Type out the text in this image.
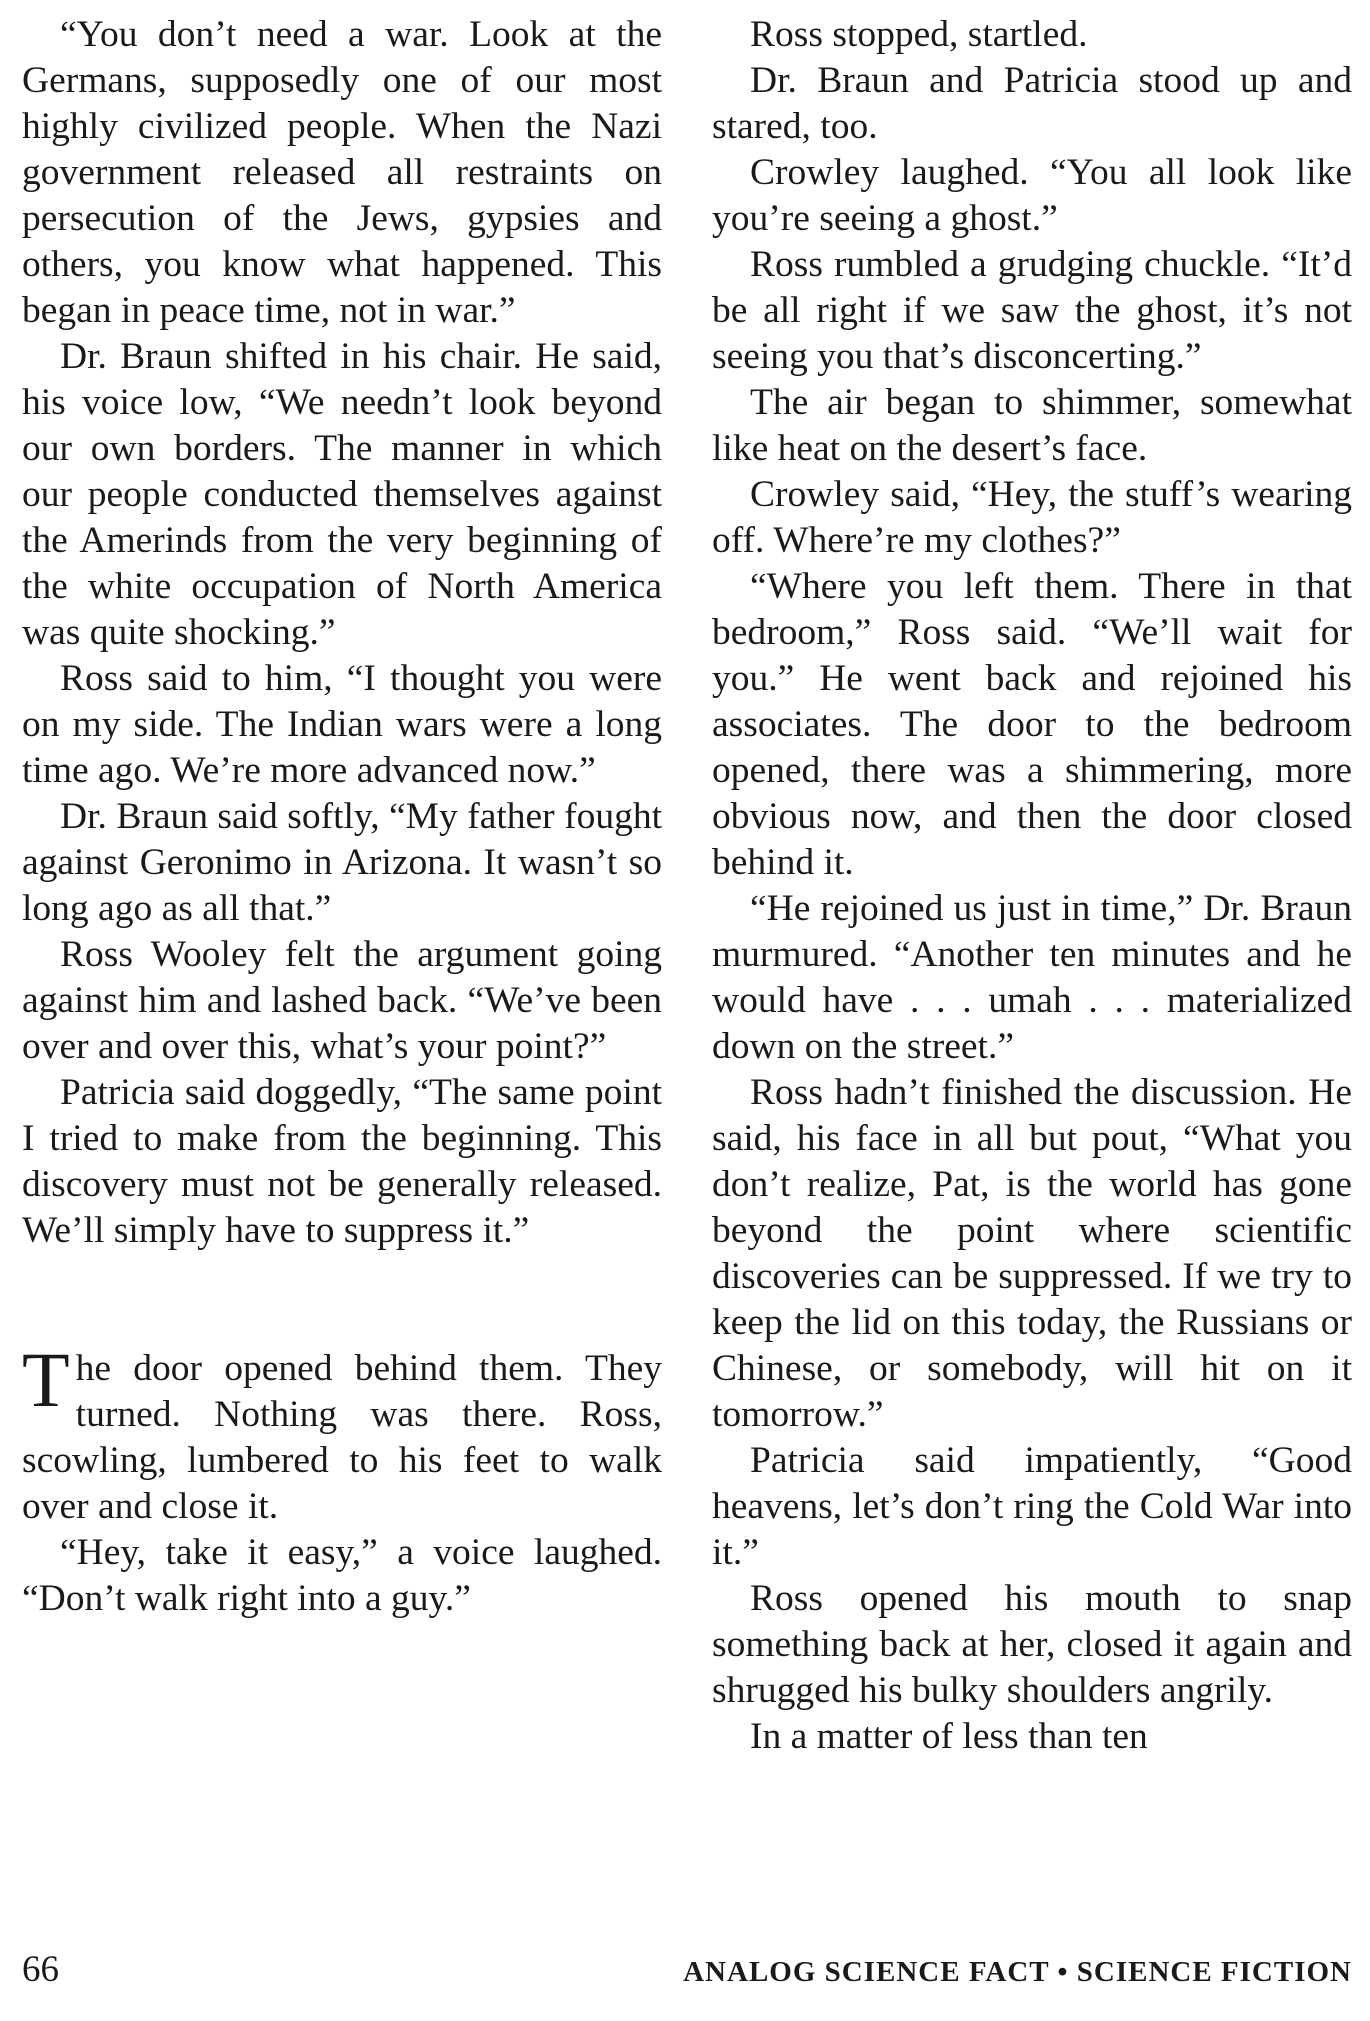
“You don’t need a war. Look at the Germans, supposedly one of our most highly civilized people. When the Nazi government released all restraints on persecution of the Jews, gypsies and others, you know what happened. This began in peace time, not in war.”

Dr. Braun shifted in his chair. He said, his voice low, “We needn’t look beyond our own borders. The manner in which our people conducted themselves against the Amerinds from the very beginning of the white occupation of North America was quite shocking.”

Ross said to him, “I thought you were on my side. The Indian wars were a long time ago. We’re more advanced now.”

Dr. Braun said softly, “My father fought against Geronimo in Arizona. It wasn’t so long ago as all that.”

Ross Wooley felt the argument going against him and lashed back. “We’ve been over and over this, what’s your point?”

Patricia said doggedly, “The same point I tried to make from the beginning. This discovery must not be generally released. We’ll simply have to suppress it.”

The door opened behind them. They turned. Nothing was there. Ross, scowling, lumbered to his feet to walk over and close it.

“Hey, take it easy,” a voice laughed. “Don’t walk right into a guy.”

Ross stopped, startled.

Dr. Braun and Patricia stood up and stared, too.

Crowley laughed. “You all look like you’re seeing a ghost.”

Ross rumbled a grudging chuckle. “It’d be all right if we saw the ghost, it’s not seeing you that’s disconcerting.”

The air began to shimmer, somewhat like heat on the desert’s face.

Crowley said, “Hey, the stuff’s wearing off. Where’re my clothes?”

“Where you left them. There in that bedroom,” Ross said. “We’ll wait for you.” He went back and rejoined his associates. The door to the bedroom opened, there was a shimmering, more obvious now, and then the door closed behind it.

“He rejoined us just in time,” Dr. Braun murmured. “Another ten minutes and he would have . . . umah . . . materialized down on the street.”

Ross hadn’t finished the discussion. He said, his face in all but pout, “What you don’t realize, Pat, is the world has gone beyond the point where scientific discoveries can be suppressed. If we try to keep the lid on this today, the Russians or Chinese, or somebody, will hit on it tomorrow.”

Patricia said impatiently, “Good heavens, let’s don’t ring the Cold War into it.”

Ross opened his mouth to snap something back at her, closed it again and shrugged his bulky shoulders angrily.

In a matter of less than ten

66	ANALOG SCIENCE FACT • SCIENCE FICTION
